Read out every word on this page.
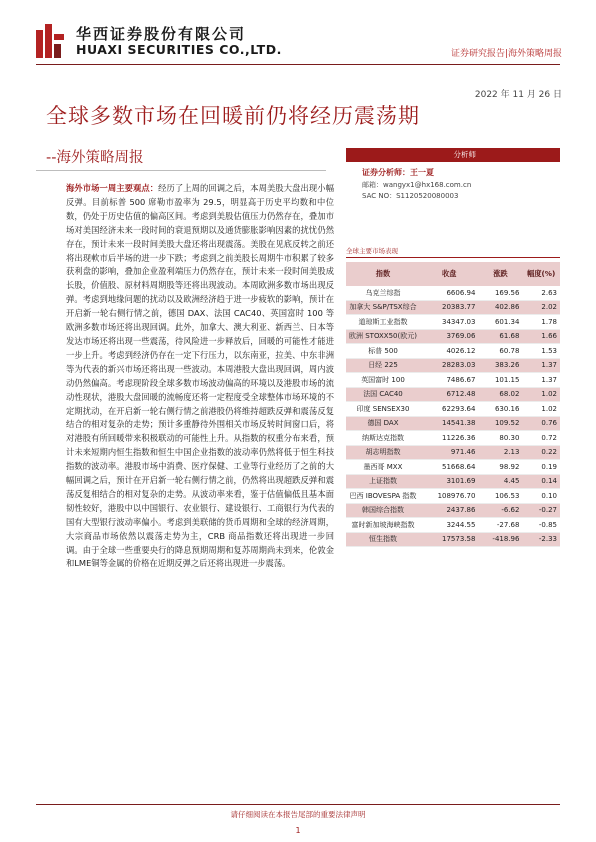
华西证券股份有限公司
HUAXI SECURITIES CO.,LTD.	证券研究报告|海外策略周报
2022 年 11 月 26 日
全球多数市场在回暖前仍将经历震荡期
--海外策略周报	分析师
证券分析师：王一夏
邮箱：wangyx1@hx168.com.cn
SAC NO：S1120520080003
海外市场一周主要观点：经历了上周的回调之后，本周美股大盘出现小幅反弹。目前标普 500 席勒市盈率为 29.5，明显高于历史平均数和中位数，仍处于历史估值的偏高区间。考虑到美股估值压力仍然存在，叠加市场对美国经济未来一段时间的衰退预期以及通货膨胀影响因素的扰忧仍然存在，预计未来一段时间美股大盘还将出现震荡。美股在见底反转之前还将出现軟市后半场的进一步下跌；考虑到之前美股长周期牛市积累了较多获利盘的影响，叠加企业盈利端压力仍然存在，预计未来一段时间美股成长股，价值股、原材料周期股等还将出现波动。本周欧洲多数市场出现反弹。考虑到地缘问题的扰动以及欧洲经济趋于进一步疲软的影响，预计在开启新一轮右侧行情之前，德国 DAX、法国 CAC40、英国富时 100 等欧洲多数市场还将出现回调。此外，加拿大、澳大利亚、新西兰、日本等发达市场还将出现一些震荡，待风险进一步释放后，回暖的可能性才能进一步上升。考虑到经济仍存在一定下行压力，以东南亚，拉美、中东非洲等为代表的新兴市场还将出现一些波动。本周港股大盘出现回调，周内波动仍然偏高。考虑现阶段全球多数市场波动偏高的环境以及港股市场的流动性现状，港股大盘回暖的流畅度还将一定程度受全球整体市场环境的不定期扰动，在开启新一轮右侧行情之前港股仍将维持超跌反弹和震荡反复结合的相对复杂的走势；预计多重静待外围相关市场反转时间窗口后，将对港股有所回暖带来积极联动的可能性上升。从指数的权重分布来看，预计未来短期内恒生指数和恒生中国企业指数的波动率仍然将低于恒生科技指数的波动率。港股市场中消费、医疗保健、工业等行业经历了之前的大幅回调之后，预计在开启新一轮右侧行情之前，仍然将出现超跌反弹和震荡反复相结合的相对复杂的走势。从波动率来看，鉴于估值偏低且基本面韧性较好，港股中以中国银行、农业银行、建设银行、工商银行为代表的国有大型银行波动率偏小。考虑到美联储的货币周期和全球的经济周期，大宗商品市场依然以震荡走势为主，CRB 商品指数还将出现进一步回调。由于全球一些重要央行的降息预期周期和复苏周期尚未到来，伦敦金和LME铜等金属的价格在近期反弹之后还将出现进一步震荡。
全球主要市场表现
指数	收盘	涨跌	幅度(%)
乌克兰综指	6606.94	169.56	2.63
加拿大 S&P/TSX综合	20383.77	402.86	2.02
道琼斯工业指数	34347.03	601.34	1.78
欧洲 STOXX50(欧元)	3769.06	61.68	1.66
标普 500	4026.12	60.78	1.53
日经 225	28283.03	383.26	1.37
英国富时 100	7486.67	101.15	1.37
法国 CAC40	6712.48	68.02	1.02
印度 SENSEX30	62293.64	630.16	1.02
德国 DAX	14541.38	109.52	0.76
纳斯达克指数	11226.36	80.30	0.72
胡志明指数	971.46	2.13	0.22
墨西哥 MXX	51668.64	98.92	0.19
上证指数	3101.69	4.45	0.14
巴西 IBOVESPA 指数	108976.70	106.53	0.10
韩国综合指数	2437.86	-6.62	-0.27
富时新加坡海峡指数	3244.55	-27.68	-0.85
恒生指数	17573.58	-418.96	-2.33
请仔细阅读在本报告尾部的重要法律声明
1
